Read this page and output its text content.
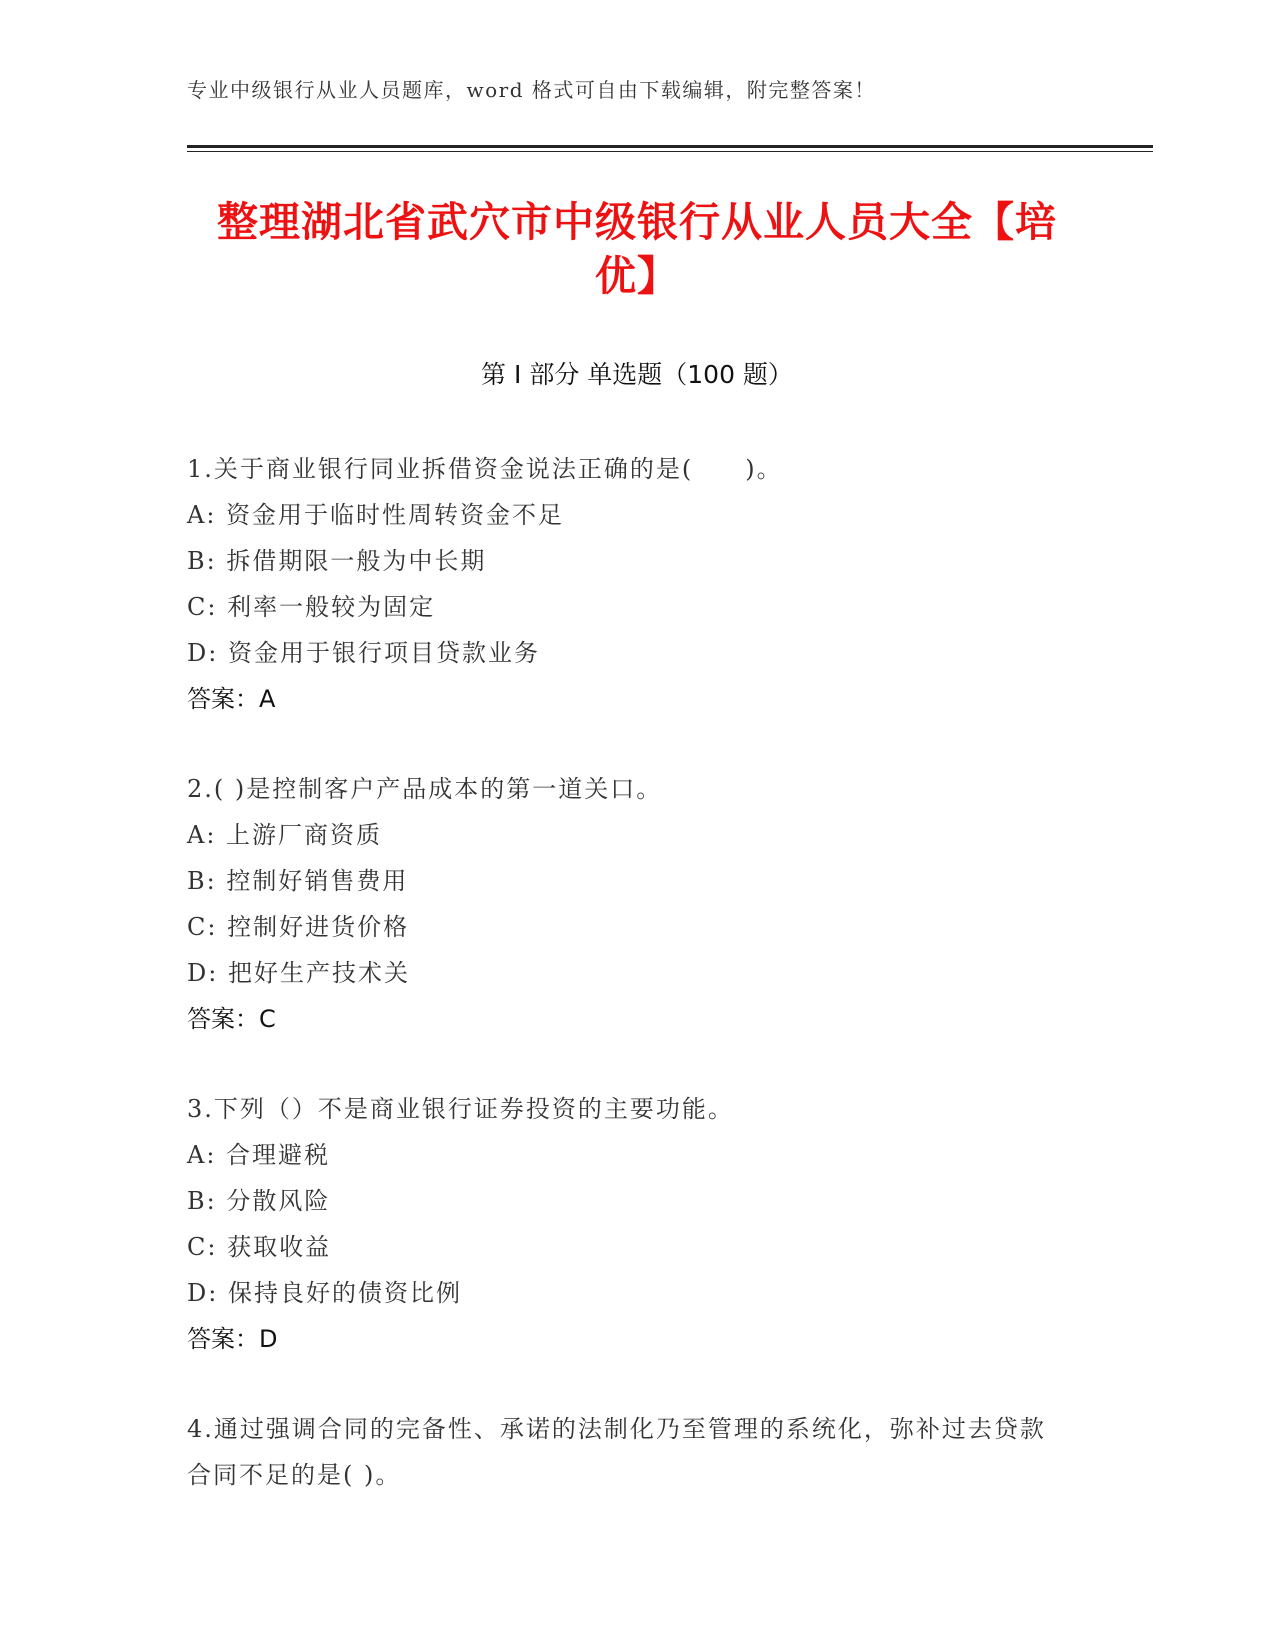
专业中级银行从业人员题库，word 格式可自由下载编辑，附完整答案！
整理湖北省武穴市中级银行从业人员大全【培优】
第 I 部分 单选题（100 题）
1.关于商业银行同业拆借资金说法正确的是(　　)。
A: 资金用于临时性周转资金不足
B: 拆借期限一般为中长期
C: 利率一般较为固定
D: 资金用于银行项目贷款业务
答案：A
2.( )是控制客户产品成本的第一道关口。
A: 上游厂商资质
B: 控制好销售费用
C: 控制好进货价格
D: 把好生产技术关
答案：C
3.下列（）不是商业银行证券投资的主要功能。
A: 合理避税
B: 分散风险
C: 获取收益
D: 保持良好的债资比例
答案：D
4.通过强调合同的完备性、承诺的法制化乃至管理的系统化，弥补过去贷款合同不足的是( )。
